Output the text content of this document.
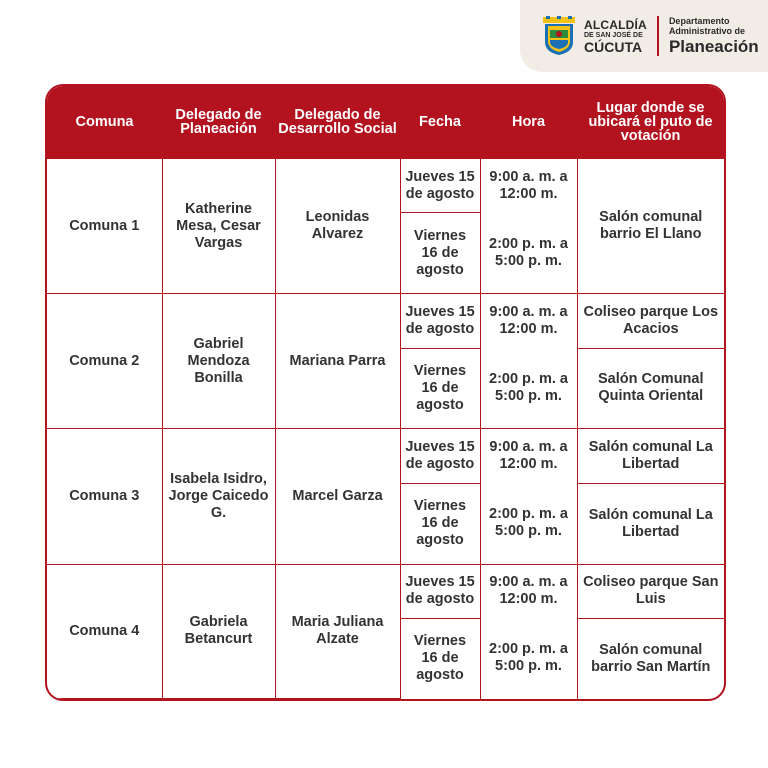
ALCALDÍA
DE SAN JOSÉ DE
CÚCUTA
Departamento
Administrativo de
Planeación
Comuna	Delegado de Planeación	Delegado de Desarrollo Social	Fecha	Hora	Lugar donde se ubicará el puto de votación
Comuna 1	Katherine Mesa, Cesar Vargas	Leonidas Alvarez	Jueves 15 de agosto	9:00 a. m. a 12:00 m.	Salón comunal barrio El Llano
			Viernes 16 de agosto	2:00 p. m. a 5:00 p. m.	
Comuna 2	Gabriel Mendoza Bonilla	Mariana Parra	Jueves 15 de agosto	9:00 a. m. a 12:00 m.	Coliseo parque Los Acacios
			Viernes 16 de agosto	2:00 p. m. a 5:00 p. m.	Salón Comunal Quinta Oriental
Comuna 3	Isabela Isidro, Jorge Caicedo G.	Marcel Garza	Jueves 15 de agosto	9:00 a. m. a 12:00 m.	Salón comunal La Libertad
			Viernes 16 de agosto	2:00 p. m. a 5:00 p. m.	Salón comunal La Libertad
Comuna 4	Gabriela Betancurt	Maria Juliana Alzate	Jueves 15 de agosto	9:00 a. m. a 12:00 m.	Coliseo parque San Luis
			Viernes 16 de agosto	2:00 p. m. a 5:00 p. m.	Salón comunal barrio San Martín
